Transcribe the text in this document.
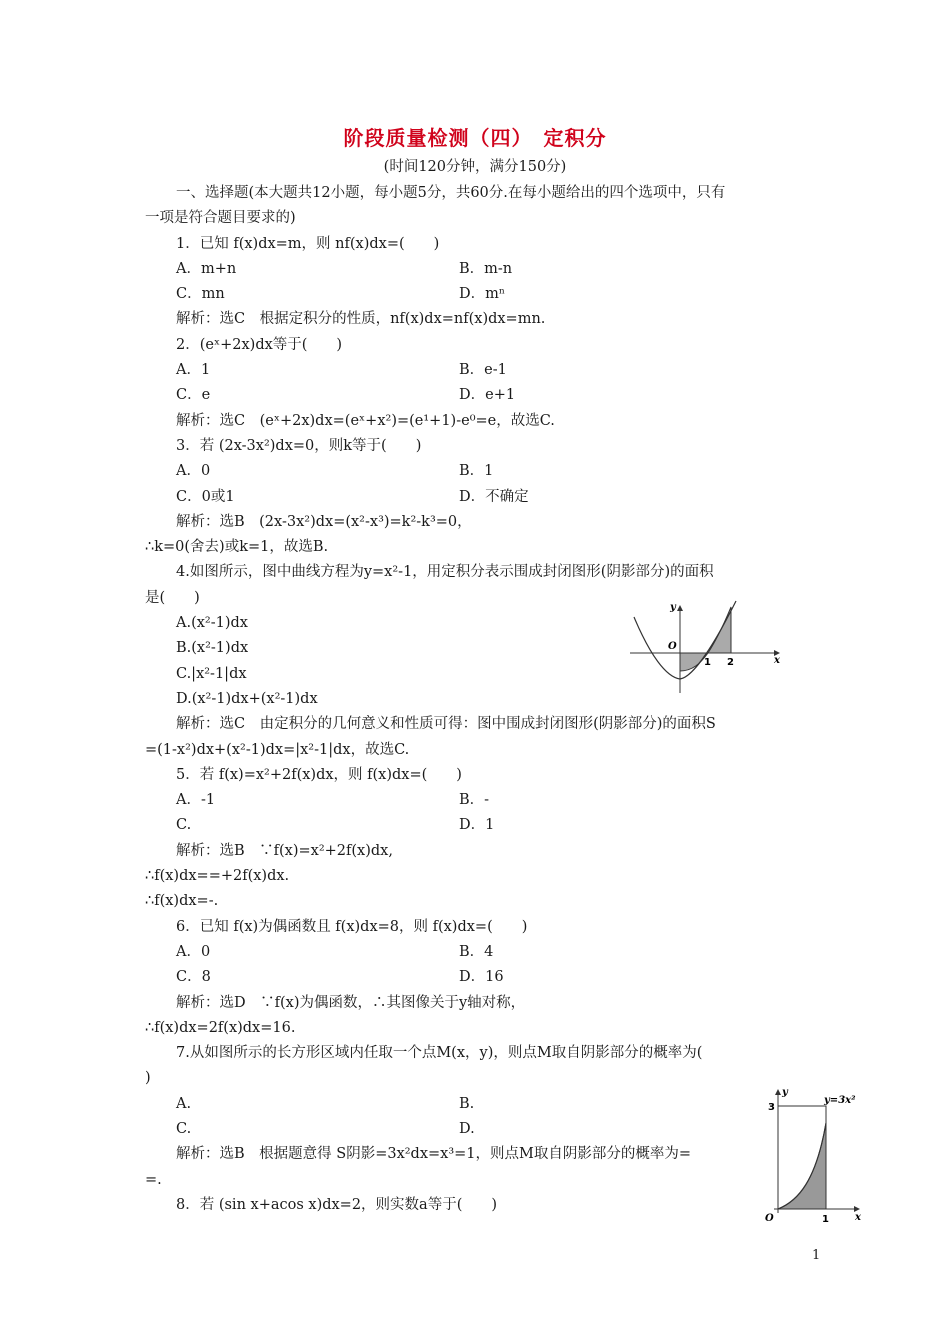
阶段质量检测（四）　定积分
(时间120分钟，满分150分)
一、选择题(本大题共12小题，每小题5分，共60分.在每小题给出的四个选项中，只有
一项是符合题目要求的)
1．已知 f(x)dx=m，则 nf(x)dx=(　　)
A．m+n	B．m-n
C．mn	D．mⁿ
解析：选C　根据定积分的性质，nf(x)dx=nf(x)dx=mn.
2．(eˣ+2x)dx等于(　　)
A．1	B．e-1
C．e	D．e+1
解析：选C　(eˣ+2x)dx=(eˣ+x²)=(e¹+1)-e⁰=e，故选C.
3．若 (2x-3x²)dx=0，则k等于(　　)
A．0	B．1
C．0或1	D．不确定
解析：选B　(2x-3x²)dx=(x²-x³)=k²-k³=0，
∴k=0(舍去)或k=1，故选B.
4.如图所示，图中曲线方程为y=x²-1，用定积分表示围成封闭图形(阴影部分)的面积
是(　　)
A.(x²-1)dx
B.(x²-1)dx
C.|x²-1|dx
D.(x²-1)dx+(x²-1)dx
解析：选C　由定积分的几何意义和性质可得：图中围成封闭图形(阴影部分)的面积S
=(1-x²)dx+(x²-1)dx=|x²-1|dx，故选C.
5．若 f(x)=x²+2f(x)dx，则 f(x)dx=(　　)
A．-1	B．-
C.	D．1
解析：选B　∵f(x)=x²+2f(x)dx,
∴f(x)dx==+2f(x)dx.
∴f(x)dx=-.
6．已知 f(x)为偶函数且 f(x)dx=8，则 f(x)dx=(　　)
A．0	B．4
C．8	D．16
解析：选D　∵f(x)为偶函数，∴其图像关于y轴对称，
∴f(x)dx=2f(x)dx=16.
7.从如图所示的长方形区域内任取一个点M(x，y)，则点M取自阴影部分的概率为(
)
A.	B.
C.	D.
解析：选B　根据题意得 S阴影=3x²dx=x³=1，则点M取自阴影部分的概率为=
=.
8．若 (sin x+acos x)dx=2，则实数a等于(　　)
y
O
1 2	x
y
y=3x²
3
O	1	x
1
